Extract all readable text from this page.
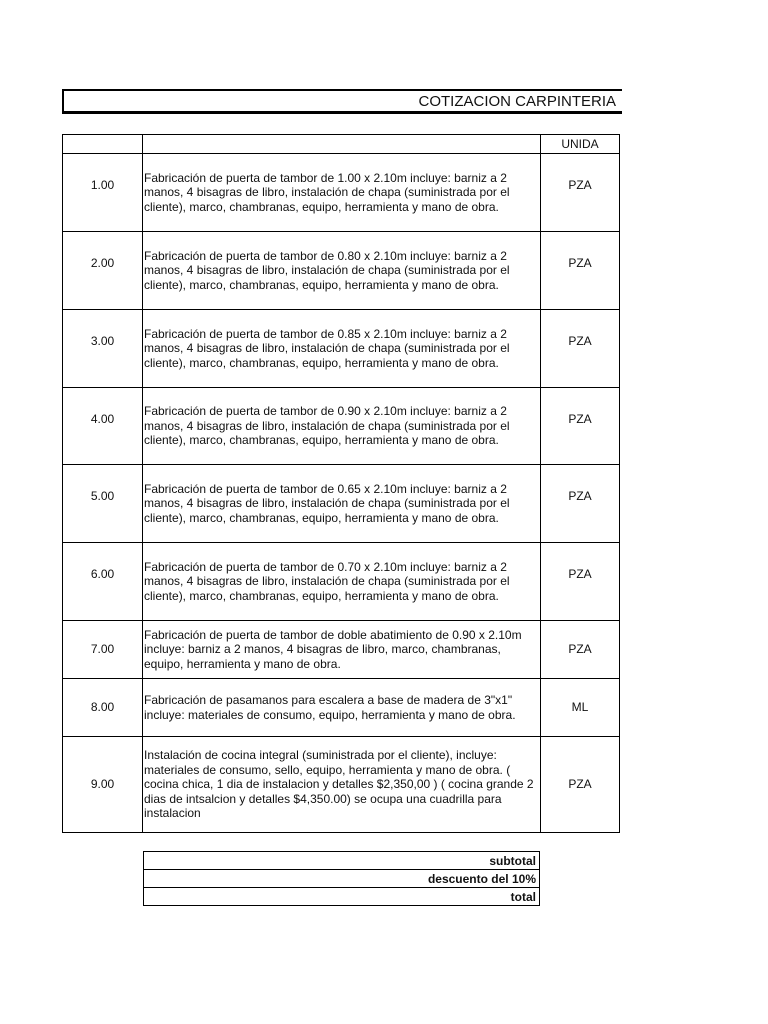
COTIZACION CARPINTERIA
		UNIDA
1.00	Fabricación de puerta de tambor de 1.00 x 2.10m incluye: barniz a 2 manos, 4 bisagras de libro, instalación de chapa (suministrada por el cliente), marco, chambranas, equipo, herramienta y mano de obra.	PZA
2.00	Fabricación de puerta de tambor de 0.80 x 2.10m incluye: barniz a 2 manos, 4 bisagras de libro, instalación de chapa (suministrada por el cliente), marco, chambranas, equipo, herramienta y mano de obra.	PZA
3.00	Fabricación de puerta de tambor de 0.85 x 2.10m incluye: barniz a 2 manos, 4 bisagras de libro, instalación de chapa (suministrada por el cliente), marco, chambranas, equipo, herramienta y mano de obra.	PZA
4.00	Fabricación de puerta de tambor de 0.90 x 2.10m incluye: barniz a 2 manos, 4 bisagras de libro, instalación de chapa (suministrada por el cliente), marco, chambranas, equipo, herramienta y mano de obra.	PZA
5.00	Fabricación de puerta de tambor de 0.65 x 2.10m incluye: barniz a 2 manos, 4 bisagras de libro, instalación de chapa (suministrada por el cliente), marco, chambranas, equipo, herramienta y mano de obra.	PZA
6.00	Fabricación de puerta de tambor de 0.70 x 2.10m incluye: barniz a 2 manos, 4 bisagras de libro, instalación de chapa (suministrada por el cliente), marco, chambranas, equipo, herramienta y mano de obra.	PZA
7.00	Fabricación de puerta de tambor de doble abatimiento de 0.90 x 2.10m incluye: barniz a 2 manos, 4 bisagras de libro, marco, chambranas, equipo, herramienta y mano de obra.	PZA
8.00	Fabricación de pasamanos para escalera a base de madera de 3"x1" incluye: materiales de consumo, equipo, herramienta y mano de obra.	ML
9.00	Instalación de cocina integral (suministrada por el cliente), incluye: materiales de consumo, sello, equipo, herramienta y mano de obra. ( cocina chica, 1 dia de instalacion y detalles $2,350,00 ) ( cocina grande 2 dias de intsalcion y detalles $4,350.00) se ocupa una cuadrilla para instalacion	PZA
subtotal
descuento del 10%
total
